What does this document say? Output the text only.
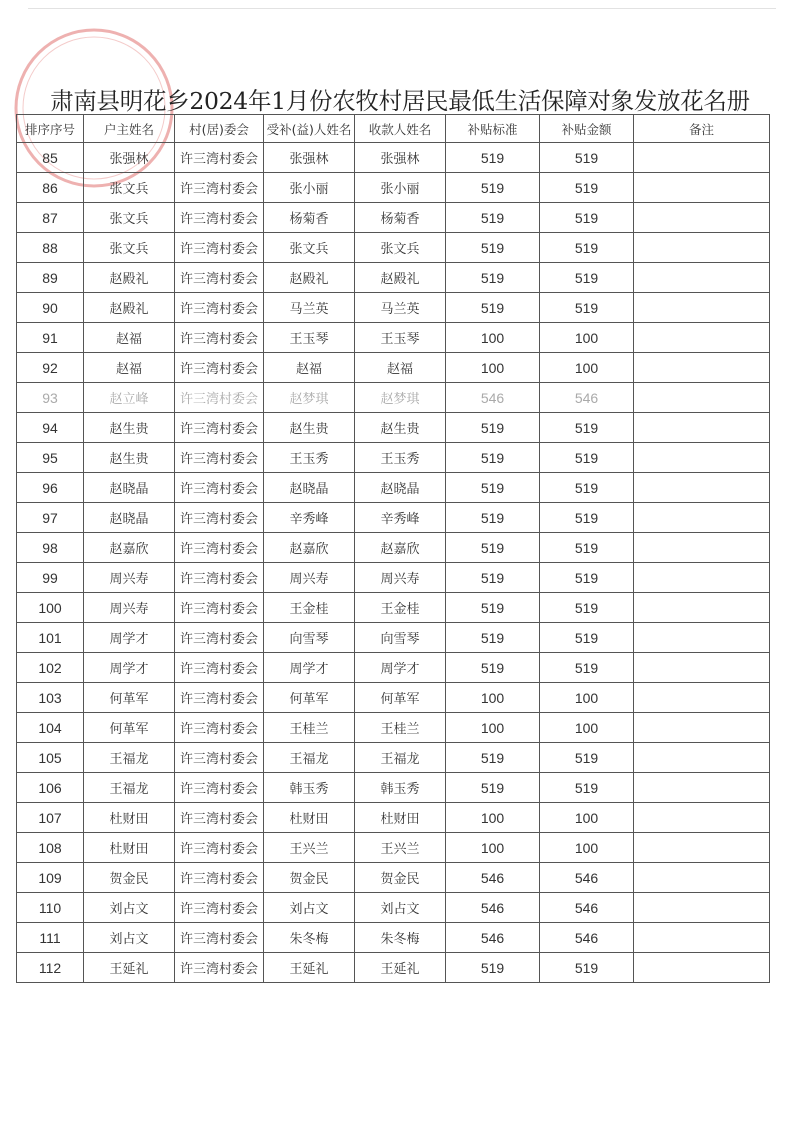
肃南县明花乡2024年1月份农牧村居民最低生活保障对象发放花名册
排序序号	户主姓名	村(居)委会	受补(益)人姓名	收款人姓名	补贴标准	补贴金额	备注
85	张强林	许三湾村委会	张强林	张强林	519	519	
86	张文兵	许三湾村委会	张小丽	张小丽	519	519	
87	张文兵	许三湾村委会	杨菊香	杨菊香	519	519	
88	张文兵	许三湾村委会	张文兵	张文兵	519	519	
89	赵殿礼	许三湾村委会	赵殿礼	赵殿礼	519	519	
90	赵殿礼	许三湾村委会	马兰英	马兰英	519	519	
91	赵福	许三湾村委会	王玉琴	王玉琴	100	100	
92	赵福	许三湾村委会	赵福	赵福	100	100	
93	赵立峰	许三湾村委会	赵梦琪	赵梦琪	546	546	
94	赵生贵	许三湾村委会	赵生贵	赵生贵	519	519	
95	赵生贵	许三湾村委会	王玉秀	王玉秀	519	519	
96	赵晓晶	许三湾村委会	赵晓晶	赵晓晶	519	519	
97	赵晓晶	许三湾村委会	辛秀峰	辛秀峰	519	519	
98	赵嘉欣	许三湾村委会	赵嘉欣	赵嘉欣	519	519	
99	周兴寿	许三湾村委会	周兴寿	周兴寿	519	519	
100	周兴寿	许三湾村委会	王金桂	王金桂	519	519	
101	周学才	许三湾村委会	向雪琴	向雪琴	519	519	
102	周学才	许三湾村委会	周学才	周学才	519	519	
103	何革军	许三湾村委会	何革军	何革军	100	100	
104	何革军	许三湾村委会	王桂兰	王桂兰	100	100	
105	王福龙	许三湾村委会	王福龙	王福龙	519	519	
106	王福龙	许三湾村委会	韩玉秀	韩玉秀	519	519	
107	杜财田	许三湾村委会	杜财田	杜财田	100	100	
108	杜财田	许三湾村委会	王兴兰	王兴兰	100	100	
109	贺金民	许三湾村委会	贺金民	贺金民	546	546	
110	刘占文	许三湾村委会	刘占文	刘占文	546	546	
111	刘占文	许三湾村委会	朱冬梅	朱冬梅	546	546	
112	王延礼	许三湾村委会	王延礼	王延礼	519	519	
